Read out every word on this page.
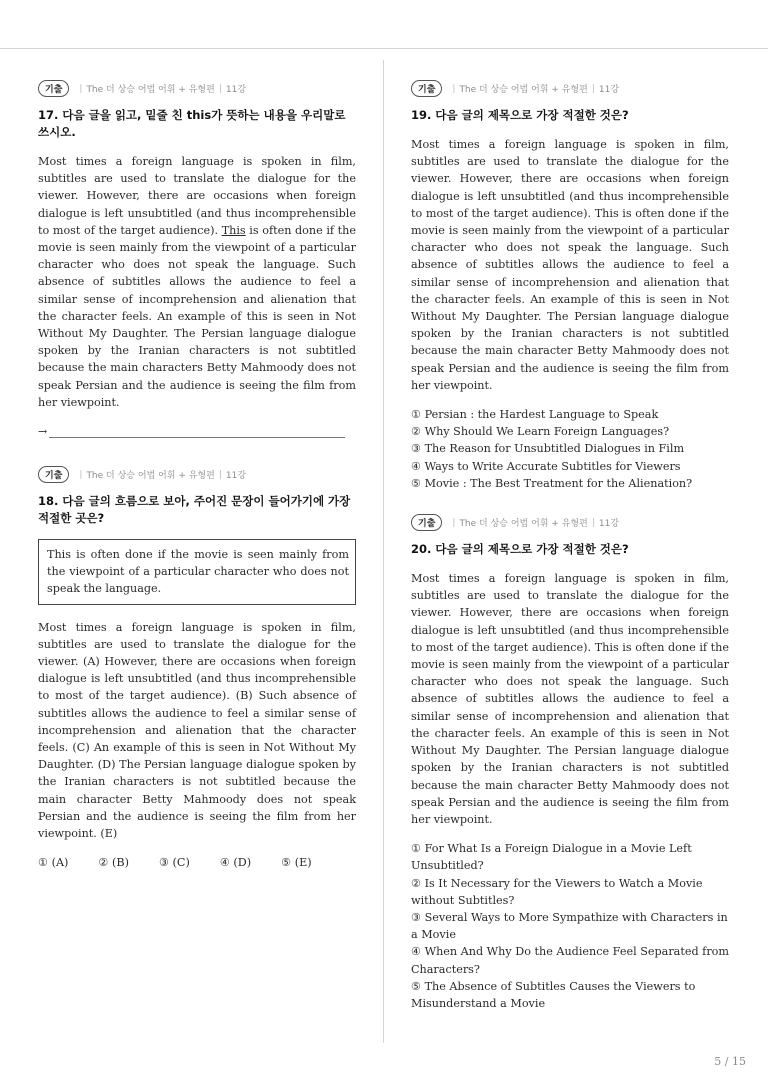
기출	| The 더 상승 어법 어휘 + 유형편 | 11강
17. 다음 글을 읽고, 밑줄 친 this가 뜻하는 내용을 우리말로 쓰시오.

Most times a foreign language is spoken in film, subtitles are used to translate the dialogue for the viewer. However, there are occasions when foreign dialogue is left unsubtitled (and thus incomprehensible to most of the target audience). This is often done if the movie is seen mainly from the viewpoint of a particular character who does not speak the language. Such absence of subtitles allows the audience to feel a similar sense of incomprehension and alienation that the character feels. An example of this is seen in Not Without My Daughter. The Persian language dialogue spoken by the Iranian characters is not subtitled because the main characters Betty Mahmoody does not speak Persian and the audience is seeing the film from her viewpoint.

→
기출	| The 더 상승 어법 어휘 + 유형편 | 11강
18. 다음 글의 흐름으로 보아, 주어진 문장이 들어가기에 가장 적절한 곳은?

This is often done if the movie is seen mainly from the viewpoint of a particular character who does not speak the language.

Most times a foreign language is spoken in film, subtitles are used to translate the dialogue for the viewer. (A) However, there are occasions when foreign dialogue is left unsubtitled (and thus incomprehensible to most of the target audience). (B) Such absence of subtitles allows the audience to feel a similar sense of incomprehension and alienation that the character feels. (C) An example of this is seen in Not Without My Daughter. (D) The Persian language dialogue spoken by the Iranian characters is not subtitled because the main character Betty Mahmoody does not speak Persian and the audience is seeing the film from her viewpoint. (E)

① (A)	② (B)	③ (C)	④ (D)	⑤ (E)
기출	| The 더 상승 어법 어휘 + 유형편 | 11강
19. 다음 글의 제목으로 가장 적절한 것은?

Most times a foreign language is spoken in film, subtitles are used to translate the dialogue for the viewer. However, there are occasions when foreign dialogue is left unsubtitled (and thus incomprehensible to most of the target audience). This is often done if the movie is seen mainly from the viewpoint of a particular character who does not speak the language. Such absence of subtitles allows the audience to feel a similar sense of incomprehension and alienation that the character feels. An example of this is seen in Not Without My Daughter. The Persian language dialogue spoken by the Iranian characters is not subtitled because the main character Betty Mahmoody does not speak Persian and the audience is seeing the film from her viewpoint.

① Persian : the Hardest Language to Speak
② Why Should We Learn Foreign Languages?
③ The Reason for Unsubtitled Dialogues in Film
④ Ways to Write Accurate Subtitles for Viewers
⑤ Movie : The Best Treatment for the Alienation?
기출	| The 더 상승 어법 어휘 + 유형편 | 11강
20. 다음 글의 제목으로 가장 적절한 것은?

Most times a foreign language is spoken in film, subtitles are used to translate the dialogue for the viewer. However, there are occasions when foreign dialogue is left unsubtitled (and thus incomprehensible to most of the target audience). This is often done if the movie is seen mainly from the viewpoint of a particular character who does not speak the language. Such absence of subtitles allows the audience to feel a similar sense of incomprehension and alienation that the character feels. An example of this is seen in Not Without My Daughter. The Persian language dialogue spoken by the Iranian characters is not subtitled because the main character Betty Mahmoody does not speak Persian and the audience is seeing the film from her viewpoint.

① For What Is a Foreign Dialogue in a Movie Left Unsubtitled?
② Is It Necessary for the Viewers to Watch a Movie without Subtitles?
③ Several Ways to More Sympathize with Characters in a Movie
④ When And Why Do the Audience Feel Separated from Characters?
⑤ The Absence of Subtitles Causes the Viewers to Misunderstand a Movie
5 / 15
